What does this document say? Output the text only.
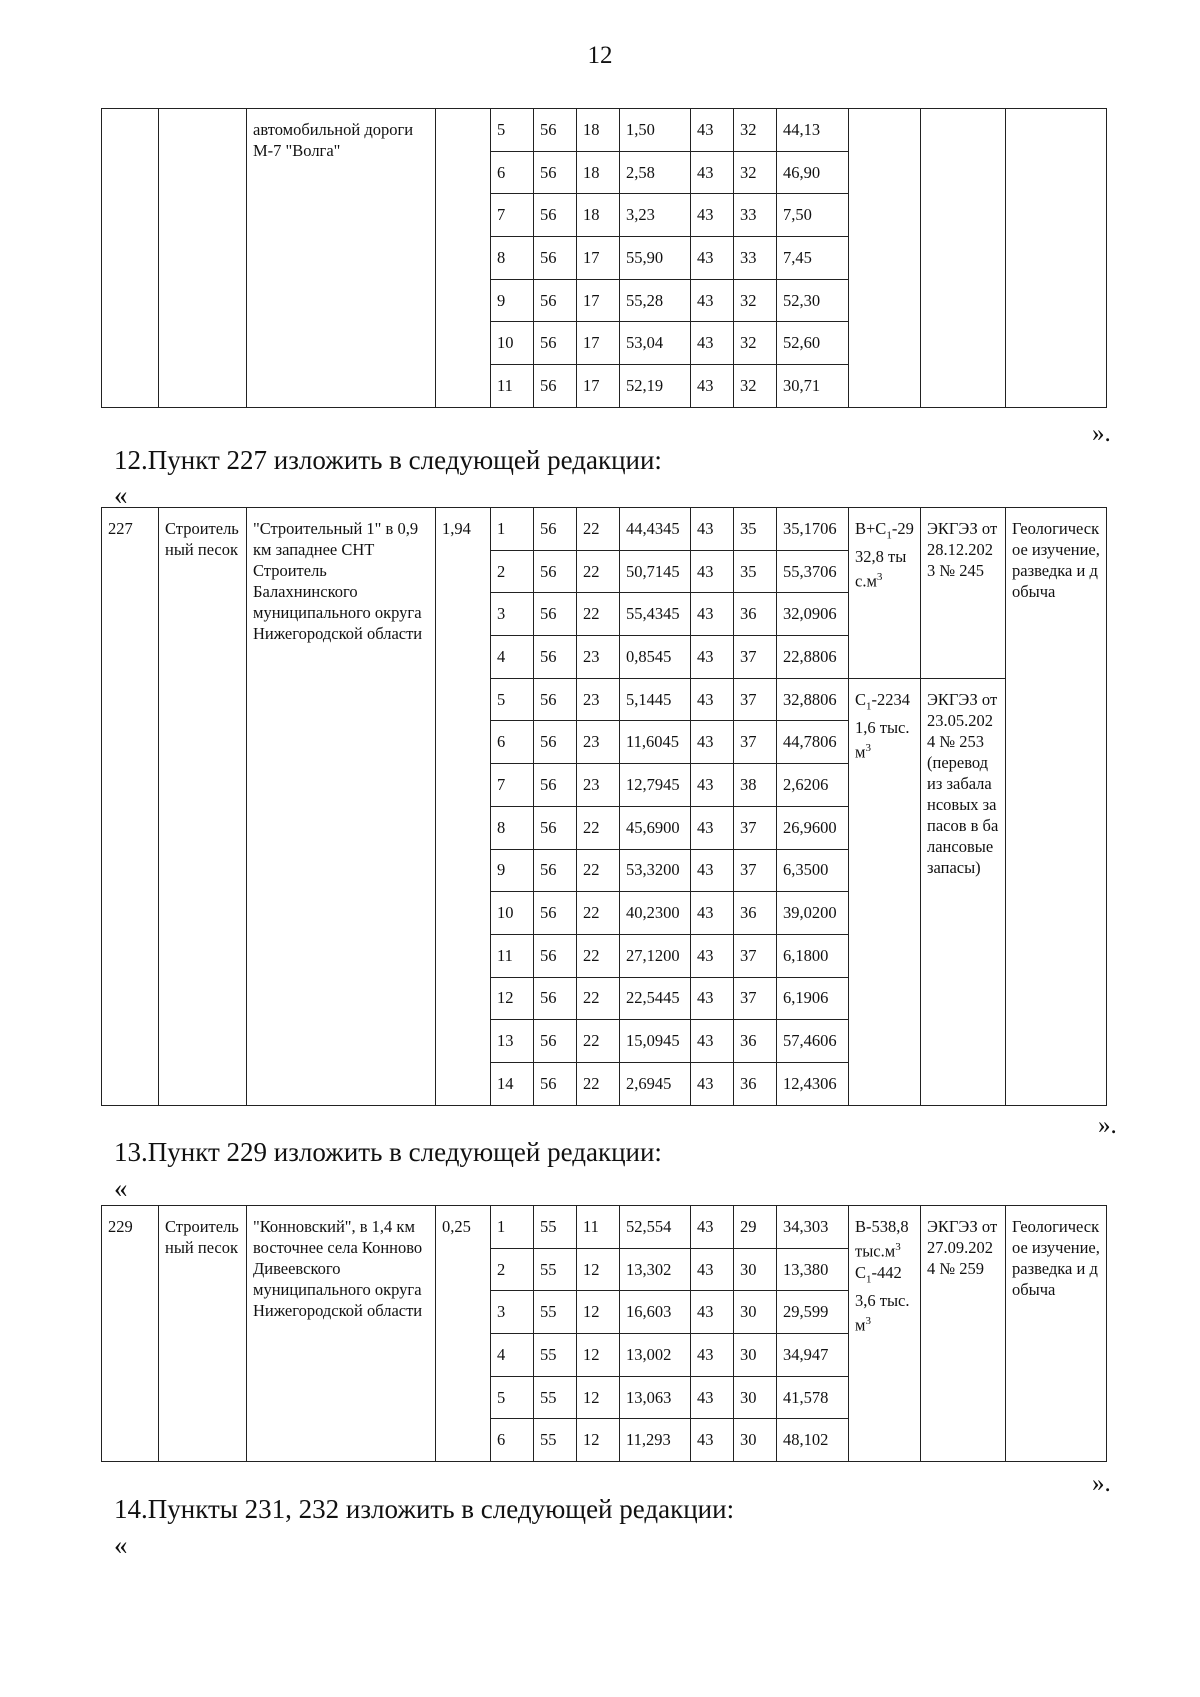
12
		автомобильной дороги М-7 "Волга"		5	56	18	1,50	43	32	44,13			
				6	56	18	2,58	43	32	46,90			
				7	56	18	3,23	43	33	7,50			
				8	56	17	55,90	43	33	7,45			
				9	56	17	55,28	43	32	52,30			
				10	56	17	53,04	43	32	52,60			
				11	56	17	52,19	43	32	30,71			
».
12.Пункт 227 изложить в следующей редакции:
«
227	Строительный песок	"Строительный 1" в 0,9 км западнее СНТ Строитель Балахнинского муниципального округа Нижегородской области	1,94	1	56	22	44,4345	43	35	35,1706	$В+С_1-2932,8$ $тыс.м^3$	ЭКГЭЗ от 28.12.2023 № 245	Геологическое изучение, разведка и добыча
				2	56	22	50,7145	43	35	55,3706			
				3	56	22	55,4345	43	36	32,0906			
				4	56	23	0,8545	43	37	22,8806			
				5	56	23	5,1445	43	37	32,8806	$С_1-22341,6$ $тыс.м^3$	ЭКГЭЗ от 23.05.2024 № 253 (перевод из забалансовых запасов в балансовые запасы)	
				6	56	23	11,6045	43	37	44,7806			
				7	56	23	12,7945	43	38	2,6206			
				8	56	22	45,6900	43	37	26,9600			
				9	56	22	53,3200	43	37	6,3500			
				10	56	22	40,2300	43	36	39,0200			
				11	56	22	27,1200	43	37	6,1800			
				12	56	22	22,5445	43	37	6,1906			
				13	56	22	15,0945	43	36	57,4606			
				14	56	22	2,6945	43	36	12,4306			
».
13.Пункт 229 изложить в следующей редакции:
«
229	Строительный песок	"Конновский", в 1,4 км восточнее села Конново Дивеевского муниципального округа Нижегородской области	0,25	1	55	11	52,554	43	29	34,303	В-538,8 $тыс.м^3$ $С_1-4423,6$ $тыс.м^3$	ЭКГЭЗ от 27.09.2024 № 259	Геологическое изучение, разведка и добыча
				2	55	12	13,302	43	30	13,380			
				3	55	12	16,603	43	30	29,599			
				4	55	12	13,002	43	30	34,947			
				5	55	12	13,063	43	30	41,578			
				6	55	12	11,293	43	30	48,102			
».
14.Пункты 231, 232 изложить в следующей редакции:
«
